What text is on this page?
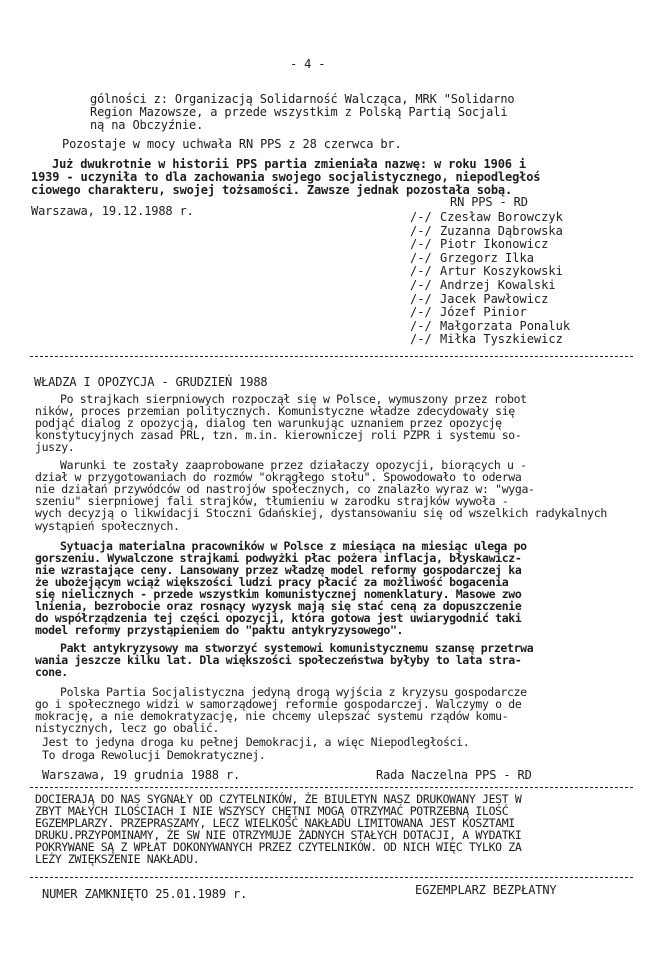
- 4 -
gólności z: Organizacją Solidarność Walcząca, MRK "Solidarno
Region Mazowsze, a przede wszystkim z Polską Partią Socjali
ną na Obczyźnie.
Pozostaje w mocy uchwała RN PPS z 28 czerwca br.
Już dwukrotnie w historii PPS partia zmieniała nazwę: w roku 1906 i
1939 - uczyniła to dla zachowania swojego socjalistycznego, niepodległoś
ciowego charakteru, swojej tożsamości. Zawsze jednak pozostała sobą.
Warszawa, 19.12.1988 r.
RN PPS - RD
/-/ Czesław Borowczyk
/-/ Zuzanna Dąbrowska
/-/ Piotr Ikonowicz
/-/ Grzegorz Ilka
/-/ Artur Koszykowski
/-/ Andrzej Kowalski
/-/ Jacek Pawłowicz
/-/ Józef Pinior
/-/ Małgorzata Ponaluk
/-/ Miłka Tyszkiewicz
WŁADZA I OPOZYCJA - GRUDZIEŃ 1988
Po strajkach sierpniowych rozpoczął się w Polsce, wymuszony przez robot
ników, proces przemian politycznych. Komunistyczne władze zdecydowały się
podjąć dialog z opozycją, dialog ten warunkując uznaniem przez opozycję
konstytucyjnych zasad PRL, tzn. m.in. kierowniczej roli PZPR i systemu so-
juszy.
Warunki te zostały zaaprobowane przez działaczy opozycji, biorących u -
dział w przygotowaniach do rozmów "okrągłego stołu". Spowodowało to oderwa
nie działań przywódców od nastrojów społecznych, co znalazło wyraz w: "wyga-
szeniu" sierpniowej fali strajków, tłumieniu w zarodku strajków wywoła -
wych decyzją o likwidacji Stoczni Gdańskiej, dystansowaniu się od wszelkich radykalnych wystąpień społecznych.
Sytuacja materialna pracowników w Polsce z miesiąca na miesiąc ulega po
gorszeniu. Wywalczone strajkami podwyżki płac pożera inflacja, błyskawicz-
nie wzrastające ceny. Lansowany przez władzę model reformy gospodarczej ka
że ubożejącym wciąż większości ludzi pracy płacić za możliwość bogacenia
się nielicznych - przede wszystkim komunistycznej nomenklatury. Masowe zwo
lnienia, bezrobocie oraz rosnący wyzysk mają się stać ceną za dopuszczenie
do współrządzenia tej części opozycji, która gotowa jest uwiarygodnić taki
model reformy przystąpieniem do "paktu antykryzysowego".
Pakt antykryzysowy ma stworzyć systemowi komunistycznemu szansę przetrwa
wania jeszcze kilku lat. Dla większości społeczeństwa byłyby to lata stra-
cone.
Polska Partia Socjalistyczna jedyną drogą wyjścia z kryzysu gospodarcze
go i społecznego widzi w samorządowej reformie gospodarczej. Walczymy o de
mokrację, a nie demokratyzację, nie chcemy ulepszać systemu rządów komu-
nistycznych, lecz go obalić.
Jest to jedyna droga ku pełnej Demokracji, a więc Niepodległości.
To droga Rewolucji Demokratycznej.
Warszawa, 19 grudnia 1988 r.	Rada Naczelna PPS - RD
DOCIERAJĄ DO NAS SYGNAŁY OD CZYTELNIKÓW, ŻE BIULETYN NASZ DRUKOWANY JEST W
ZBYT MAŁYCH ILOŚCIACH I NIE WSZYSCY CHĘTNI MOGĄ OTRZYMAĆ POTRZEBNĄ ILOŚĆ
EGZEMPLARZY. PRZEPRASZAMY, LECZ WIELKOŚĆ NAKŁADU LIMITOWANA JEST KOSZTAMI
DRUKU.PRZYPOMINAMY, ŻE SW NIE OTRZYMUJE ŻADNYCH STAŁYCH DOTACJI, A WYDATKI
POKRYWANE SĄ Z WPŁAT DOKONYWANYCH PRZEZ CZYTELNIKÓW. OD NICH WIĘC TYLKO ZA
LEŻY ZWIĘKSZENIE NAKŁADU.
NUMER ZAMKNIĘTO 25.01.1989 r.	EGZEMPLARZ BEZPŁATNY
